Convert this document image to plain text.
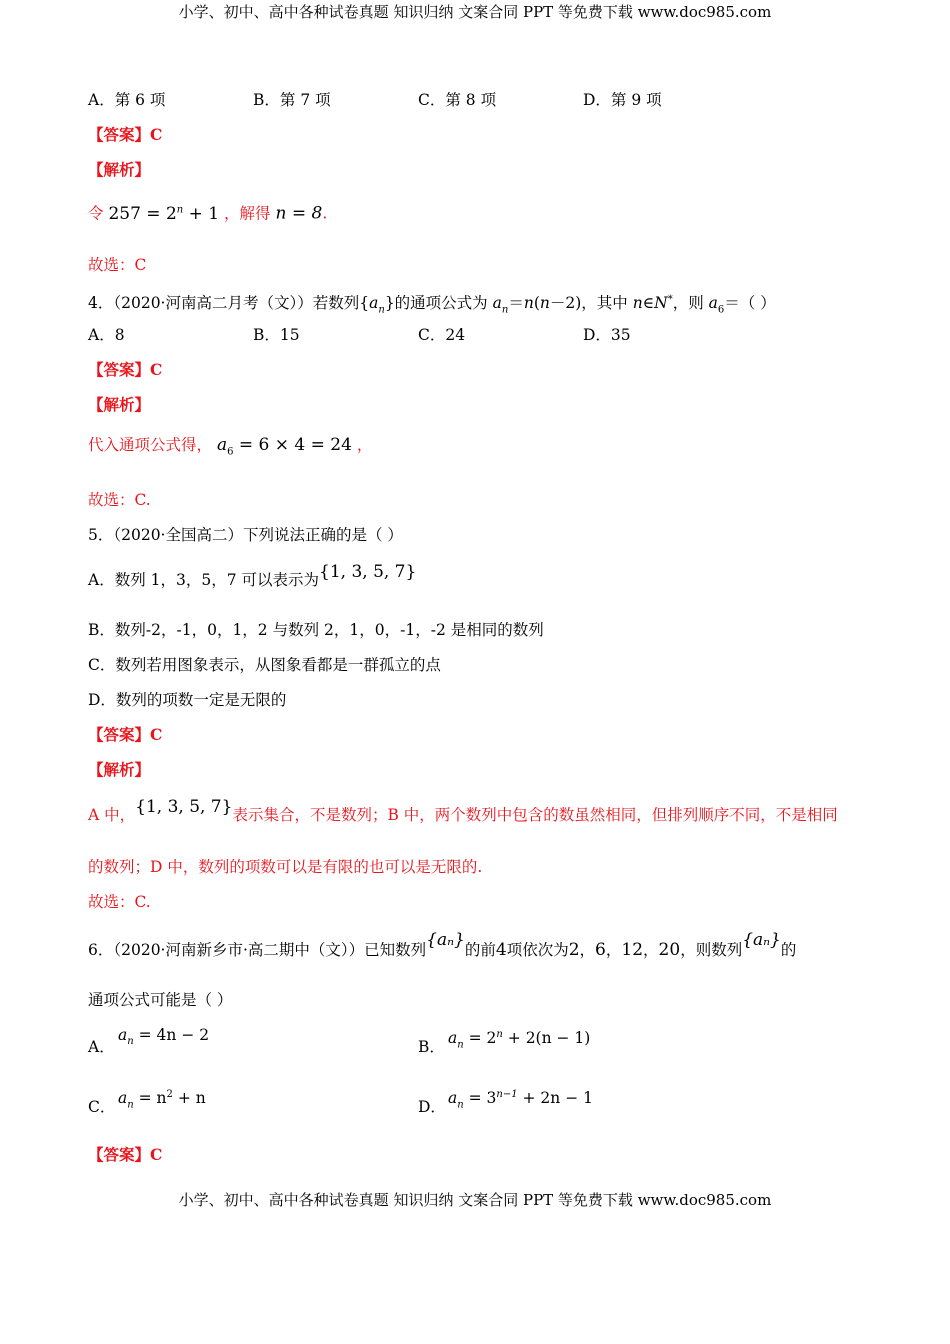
小学、初中、高中各种试卷真题 知识归纳 文案合同 PPT 等免费下载 www.doc985.com
A．第 6 项	B．第 7 项	C．第 8 项	D．第 9 项
【答案】C
【解析】
令 $257 = 2^n + 1$ ，解得 n = 8.
故选：C
4．（2020·河南高二月考（文））若数列$\{a_n\}$的通项公式为 $a_n=n(n-2)$，其中 n∈N*，则 $a_6=$（ ）
A．8	B．15	C．24	D．35
【答案】C
【解析】
代入通项公式得， $a_6 = 6 \times 4 = 24$ ，
故选：C.
5．（2020·全国高二）下列说法正确的是（ ）
A．数列 1，3，5，7 可以表示为{1, 3, 5, 7}
B．数列-2，-1，0，1，2 与数列 2，1，0，-1，-2 是相同的数列
C．数列若用图象表示，从图象看都是一群孤立的点
D．数列的项数一定是无限的
【答案】C
【解析】
A 中，{1, 3, 5, 7}表示集合，不是数列；B 中，两个数列中包含的数虽然相同，但排列顺序不同，不是相同
的数列；D 中，数列的项数可以是有限的也可以是无限的.
故选：C.
6．（2020·河南新乡市·高二期中（文））已知数列{aₙ}的前4项依次为2，6，12，20，则数列{aₙ}的
通项公式可能是（ ）
A．
$a_n = 4n - 2$
B． $a_n = 2^n + 2(n - 1)$
C． $a_n = n^2 + n$	D． $a_n = 3^{n-1} + 2n - 1$
【答案】C
小学、初中、高中各种试卷真题 知识归纳 文案合同 PPT 等免费下载 www.doc985.com
